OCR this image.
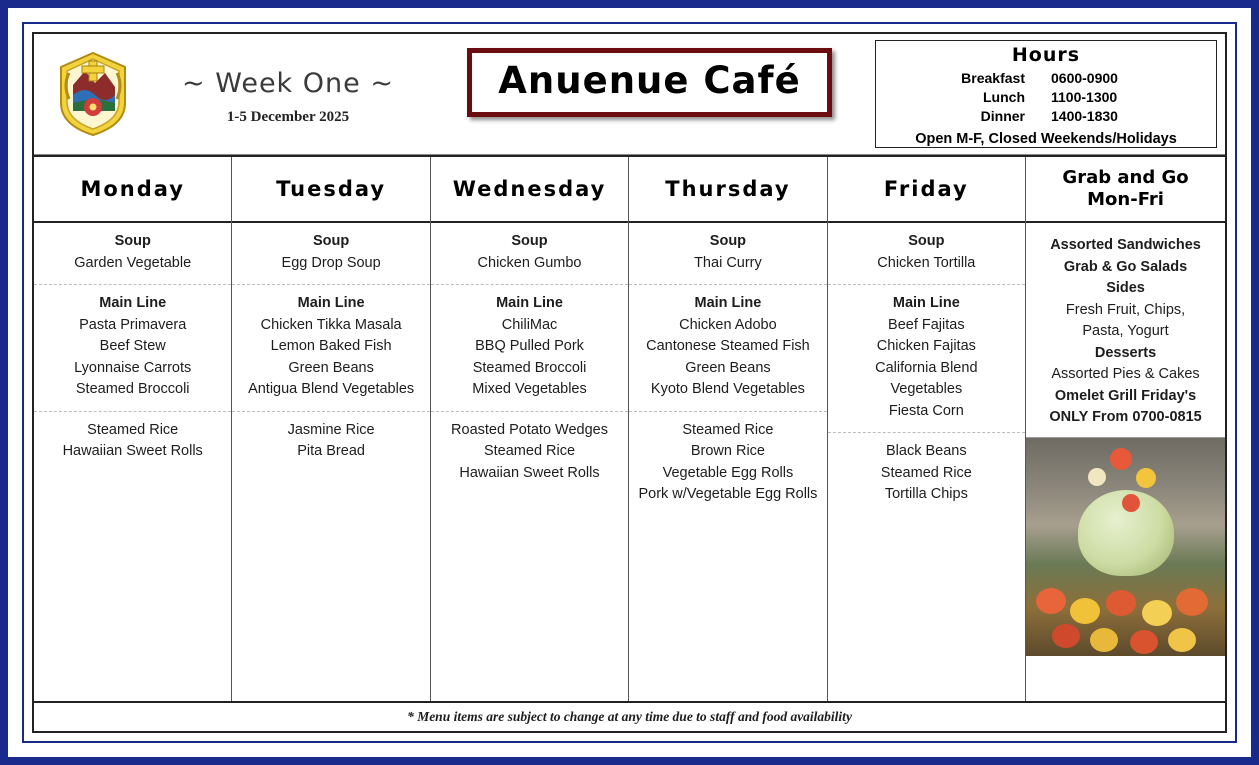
~ Week One ~
1-5 December 2025
Anuenue Café
Hours
Breakfast	0600-0900
Lunch	1100-1300
Dinner	1400-1830
Open M-F, Closed Weekends/Holidays
Monday
Soup
Garden Vegetable
Main Line
Pasta Primavera
Beef Stew
Lyonnaise Carrots
Steamed Broccoli
Steamed Rice
Hawaiian Sweet Rolls
Tuesday
Soup
Egg Drop Soup
Main Line
Chicken Tikka Masala
Lemon Baked Fish
Green Beans
Antigua Blend Vegetables
Jasmine Rice
Pita Bread
Wednesday
Soup
Chicken Gumbo
Main Line
ChiliMac
BBQ Pulled Pork
Steamed Broccoli
Mixed Vegetables
Roasted Potato Wedges
Steamed Rice
Hawaiian Sweet Rolls
Thursday
Soup
Thai Curry
Main Line
Chicken Adobo
Cantonese Steamed Fish
Green Beans
Kyoto Blend Vegetables
Steamed Rice
Brown Rice
Vegetable Egg Rolls
Pork w/Vegetable Egg Rolls
Friday
Soup
Chicken Tortilla
Main Line
Beef Fajitas
Chicken Fajitas
California Blend
Vegetables
Fiesta Corn
Black Beans
Steamed Rice
Tortilla Chips
Grab and Go
Mon-Fri
Assorted Sandwiches
Grab & Go Salads
Sides
Fresh Fruit, Chips,
Pasta, Yogurt
Desserts
Assorted Pies & Cakes
Omelet Grill Friday's
ONLY From 0700-0815
* Menu items are subject to change at any time due to staff and food availability
